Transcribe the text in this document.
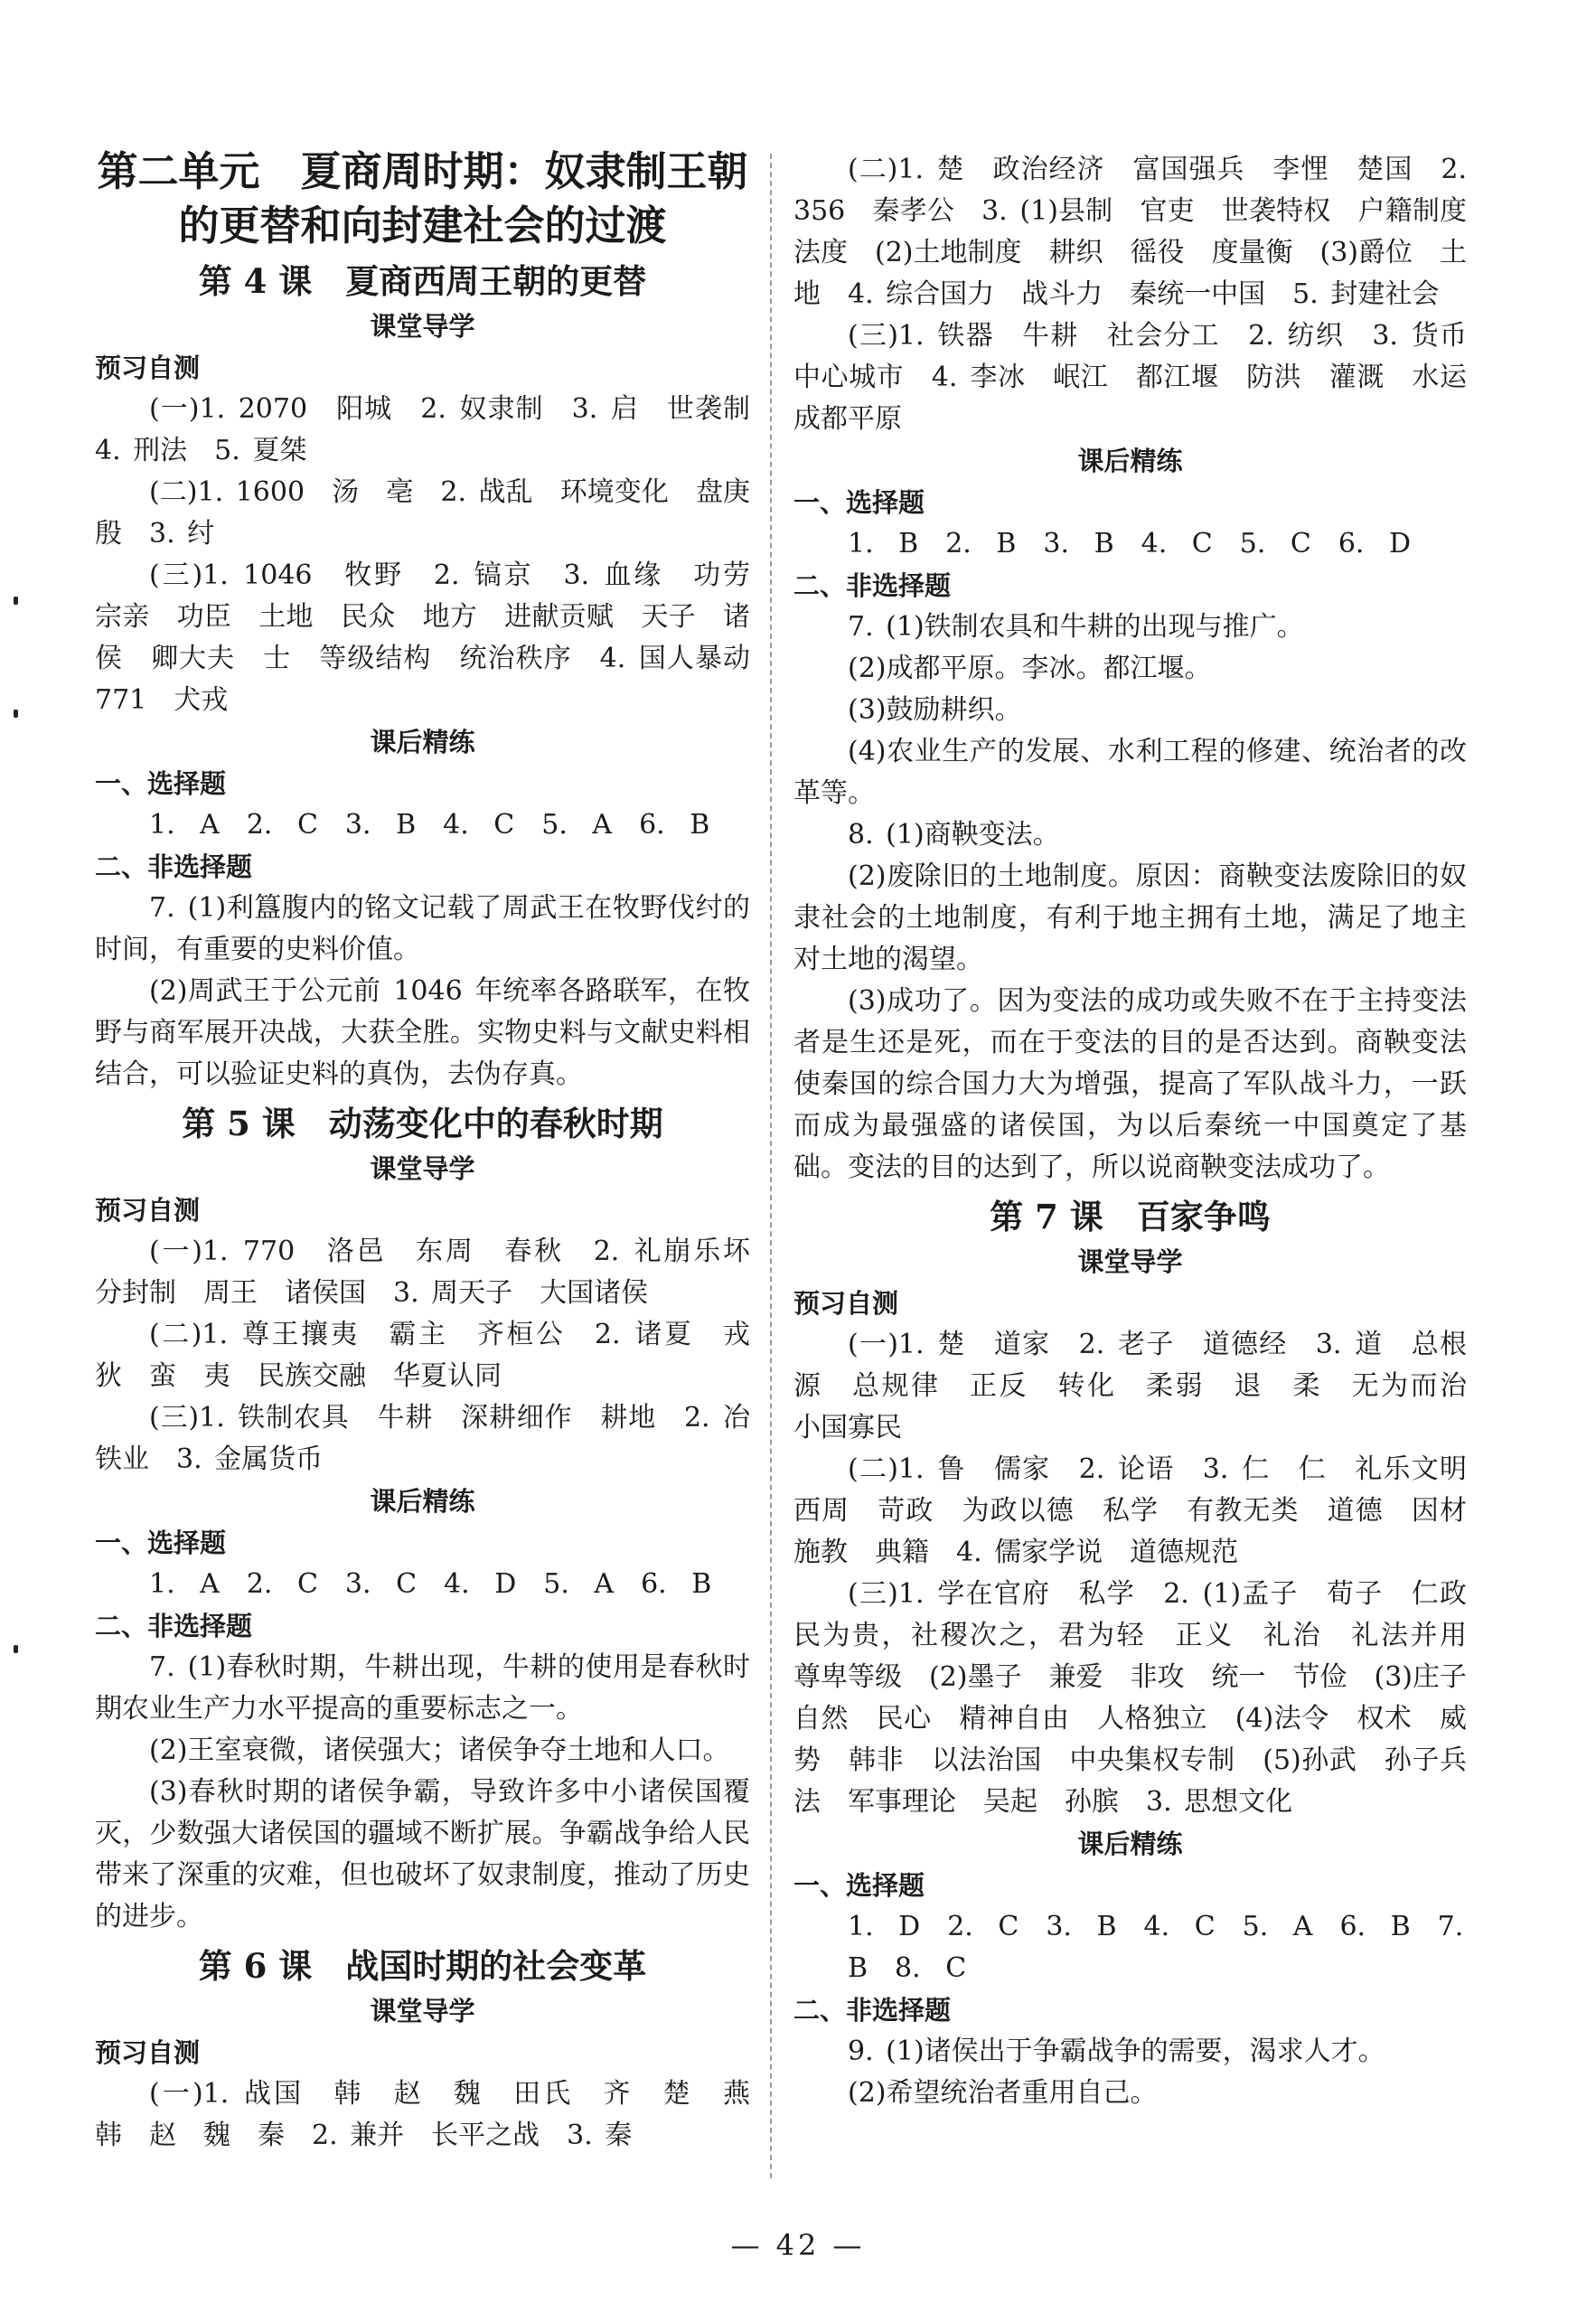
第二单元　夏商周时期：奴隶制王朝
的更替和向封建社会的过渡
第 4 课　夏商西周王朝的更替
课堂导学
预习自测

(一)1. 2070　阳城　2. 奴隶制　3. 启　世袭制　4. 刑法　5. 夏桀

(二)1. 1600　汤　亳　2. 战乱　环境变化　盘庚　殷　3. 纣

(三)1. 1046　牧野　2. 镐京　3. 血缘　功劳　宗亲　功臣　土地　民众　地方　进献贡赋　天子　诸侯　卿大夫　士　等级结构　统治秩序　4. 国人暴动　771　犬戎

课后精练
一、选择题

1. A　2. C　3. B　4. C　5. A　6. B

二、非选择题

7. (1)利簋腹内的铭文记载了周武王在牧野伐纣的时间，有重要的史料价值。

(2)周武王于公元前 1046 年统率各路联军，在牧野与商军展开决战，大获全胜。实物史料与文献史料相结合，可以验证史料的真伪，去伪存真。

第 5 课　动荡变化中的春秋时期
课堂导学
预习自测

(一)1. 770　洛邑　东周　春秋　2. 礼崩乐坏　分封制　周王　诸侯国　3. 周天子　大国诸侯

(二)1. 尊王攘夷　霸主　齐桓公　2. 诸夏　戎　狄　蛮　夷　民族交融　华夏认同

(三)1. 铁制农具　牛耕　深耕细作　耕地　2. 冶铁业　3. 金属货币

课后精练
一、选择题

1. A　2. C　3. C　4. D　5. A　6. B

二、非选择题

7. (1)春秋时期，牛耕出现，牛耕的使用是春秋时期农业生产力水平提高的重要标志之一。

(2)王室衰微，诸侯强大；诸侯争夺土地和人口。

(3)春秋时期的诸侯争霸，导致许多中小诸侯国覆灭，少数强大诸侯国的疆域不断扩展。争霸战争给人民带来了深重的灾难，但也破坏了奴隶制度，推动了历史的进步。

第 6 课　战国时期的社会变革
课堂导学
预习自测

(一)1. 战国　韩　赵　魏　田氏　齐　楚　燕　韩　赵　魏　秦　2. 兼并　长平之战　3. 秦

(二)1. 楚　政治经济　富国强兵　李悝　楚国　2. 356　秦孝公　3. (1)县制　官吏　世袭特权　户籍制度　法度　(2)土地制度　耕织　徭役　度量衡　(3)爵位　土地　4. 综合国力　战斗力　秦统一中国　5. 封建社会

(三)1. 铁器　牛耕　社会分工　2. 纺织　3. 货币　中心城市　4. 李冰　岷江　都江堰　防洪　灌溉　水运　成都平原

课后精练
一、选择题

1. B　2. B　3. B　4. C　5. C　6. D

二、非选择题

7. (1)铁制农具和牛耕的出现与推广。

(2)成都平原。李冰。都江堰。

(3)鼓励耕织。

(4)农业生产的发展、水利工程的修建、统治者的改革等。

8. (1)商鞅变法。

(2)废除旧的土地制度。原因：商鞅变法废除旧的奴隶社会的土地制度，有利于地主拥有土地，满足了地主对土地的渴望。

(3)成功了。因为变法的成功或失败不在于主持变法者是生还是死，而在于变法的目的是否达到。商鞅变法使秦国的综合国力大为增强，提高了军队战斗力，一跃而成为最强盛的诸侯国，为以后秦统一中国奠定了基础。变法的目的达到了，所以说商鞅变法成功了。

第 7 课　百家争鸣
课堂导学
预习自测

(一)1. 楚　道家　2. 老子　道德经　3. 道　总根源　总规律　正反　转化　柔弱　退　柔　无为而治　小国寡民

(二)1. 鲁　儒家　2. 论语　3. 仁　仁　礼乐文明　西周　苛政　为政以德　私学　有教无类　道德　因材施教　典籍　4. 儒家学说　道德规范

(三)1. 学在官府　私学　2. (1)孟子　荀子　仁政　民为贵，社稷次之，君为轻　正义　礼治　礼法并用　尊卑等级　(2)墨子　兼爱　非攻　统一　节俭　(3)庄子　自然　民心　精神自由　人格独立　(4)法令　权术　威势　韩非　以法治国　中央集权专制　(5)孙武　孙子兵法　军事理论　吴起　孙膑　3. 思想文化

课后精练
一、选择题

1. D　2. C　3. B　4. C　5. A　6. B　7. B　8. C

二、非选择题

9. (1)诸侯出于争霸战争的需要，渴求人才。

(2)希望统治者重用自己。

— 42 —
